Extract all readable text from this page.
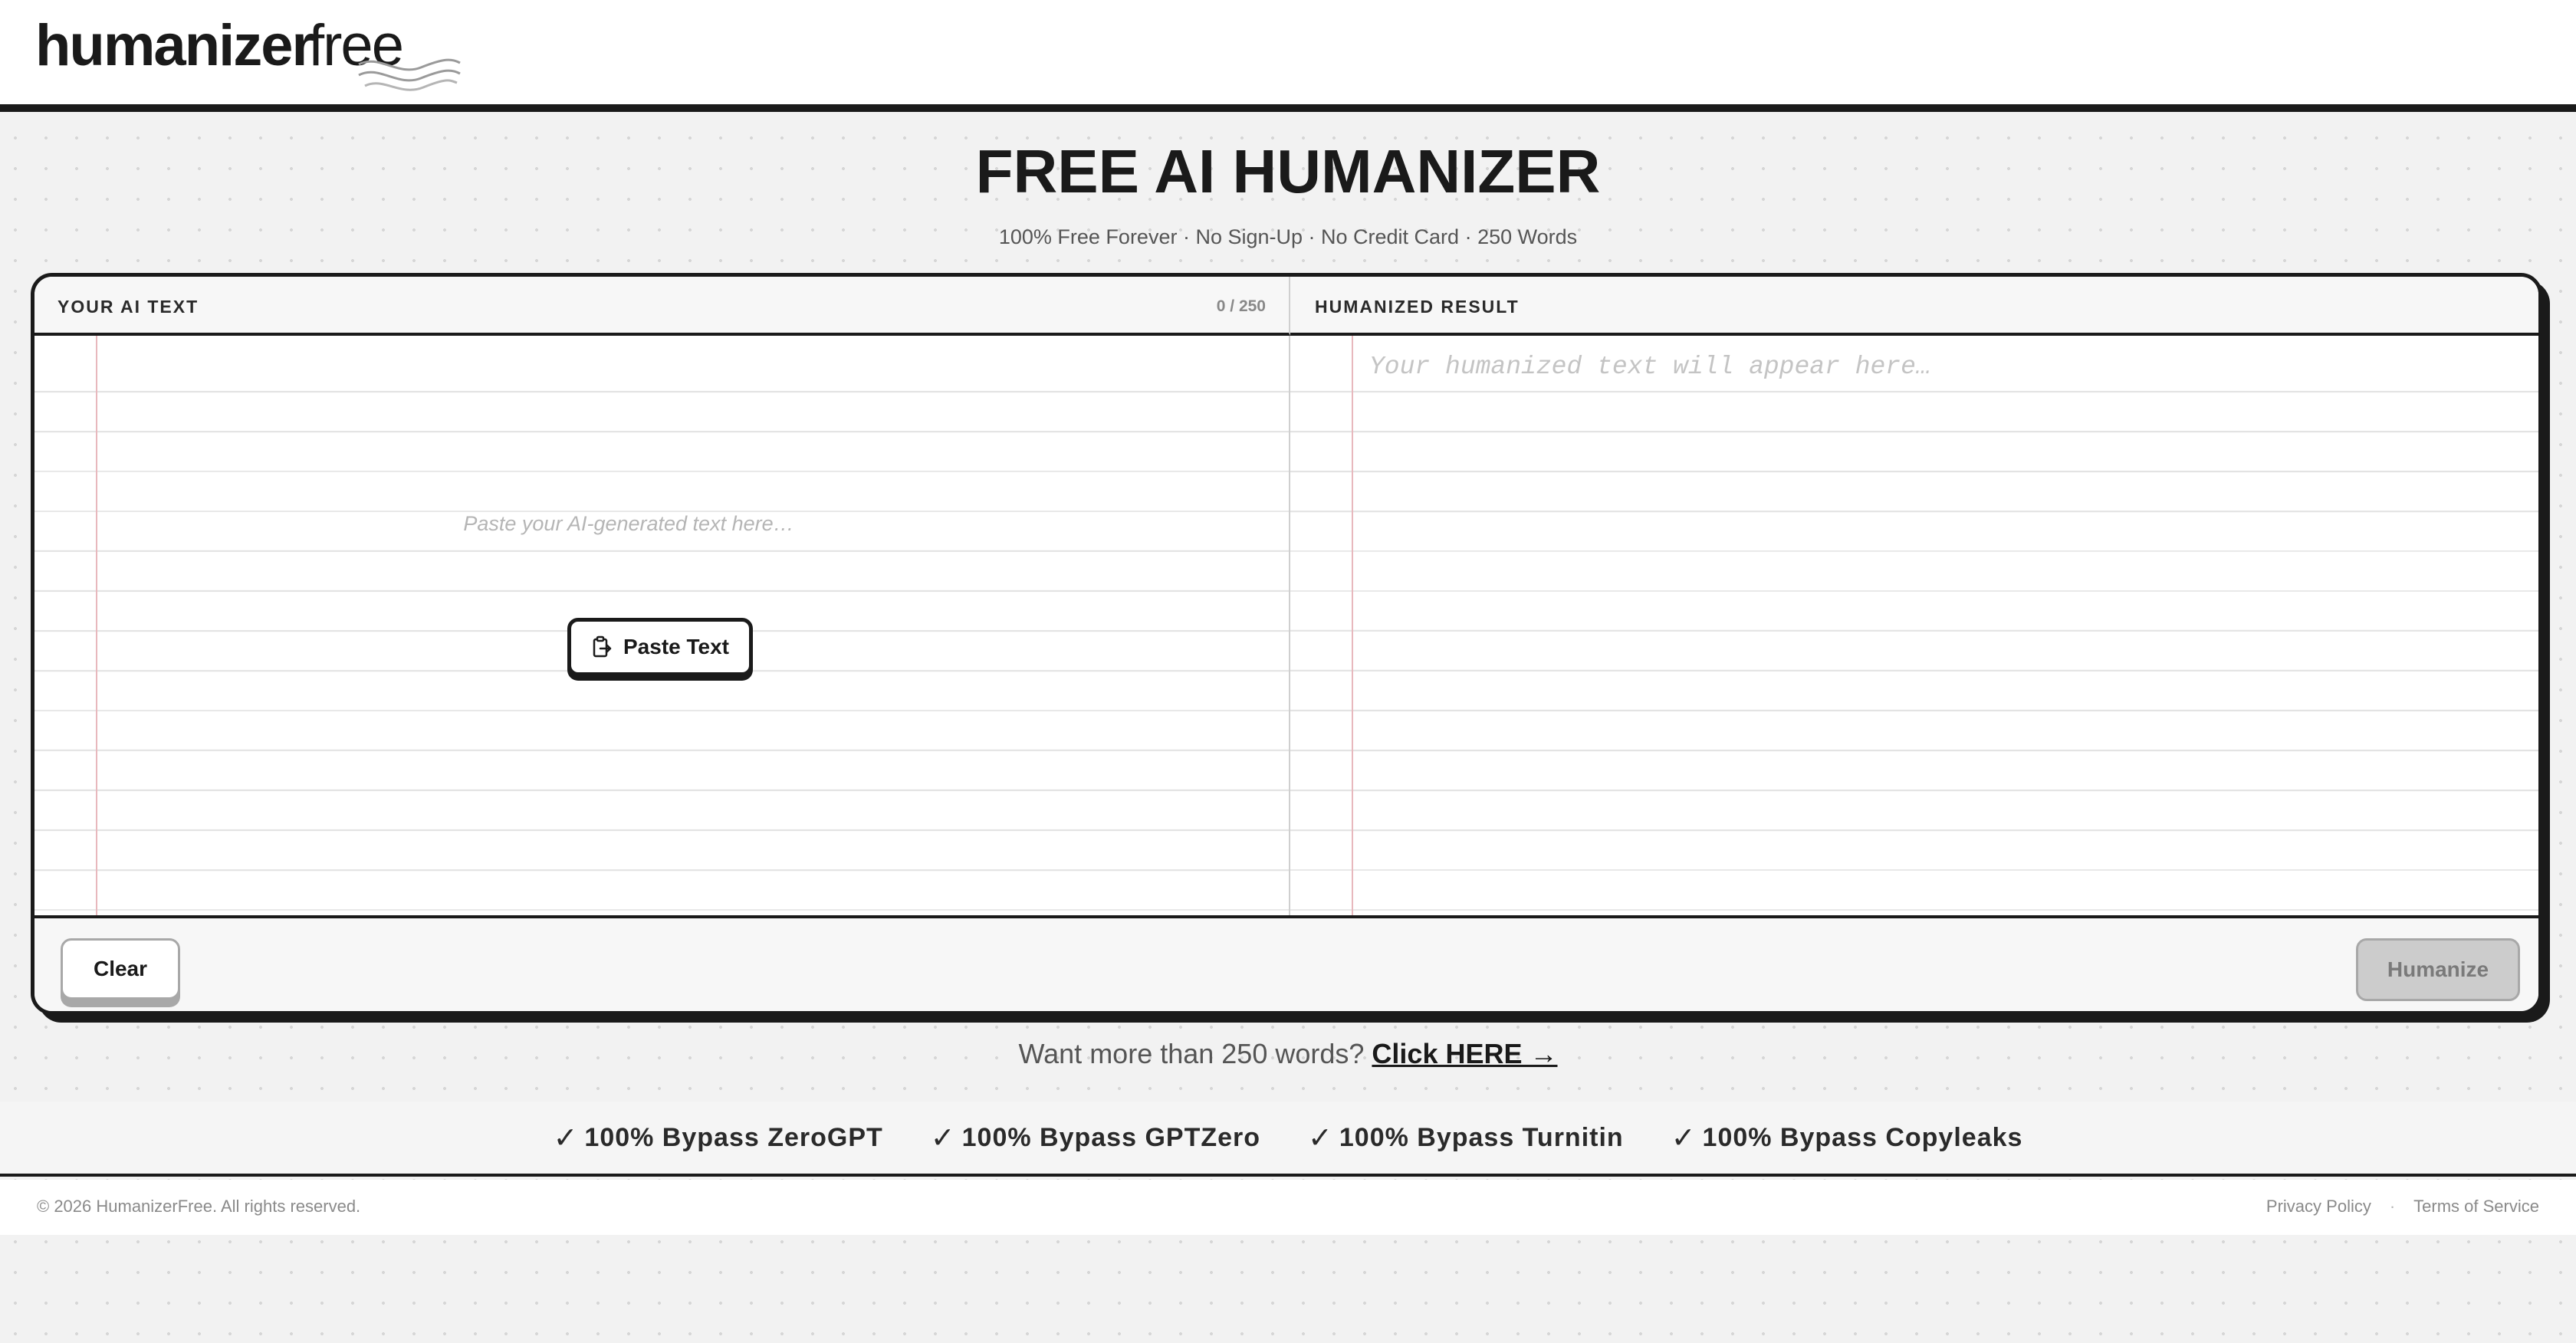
humanizer
free
FREE AI HUMANIZER

100% Free Forever · No Sign-Up · No Credit Card · 250 Words

YOUR AI TEXT	0 / 250	HUMANIZED RESULT
Clear	Humanize
Paste your AI-generated text here…
Paste Text
Your humanized text will appear here…

Want more than 250 words? Click HERE →

✓ 100% Bypass ZeroGPT ✓ 100% Bypass GPTZero ✓ 100% Bypass Turnitin ✓ 100% Bypass Copyleaks
© 2026 HumanizerFree. All rights reserved.	Privacy Policy · Terms of Service
